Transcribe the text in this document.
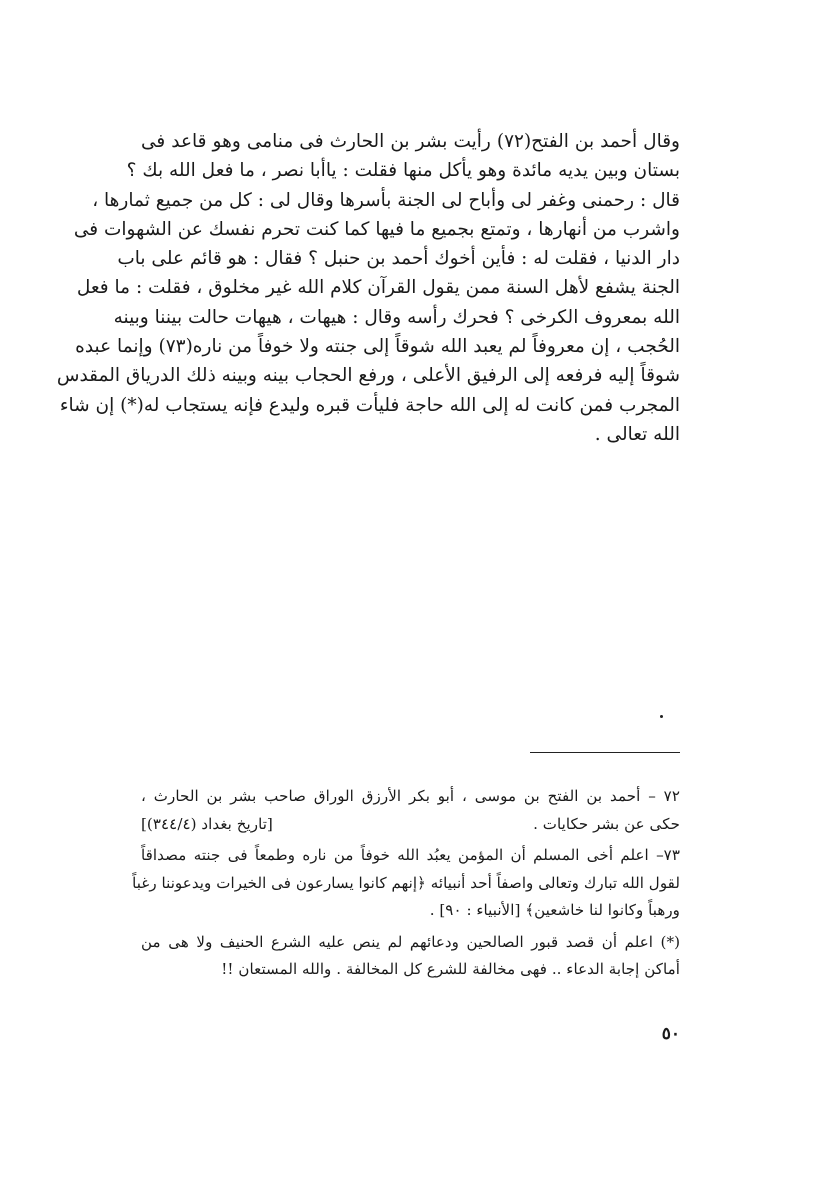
وقال أحمد بن الفتح(٧٢) رأيت بشر بن الحارث فى منامى وهو قاعد فى
بستان وبين يديه مائدة وهو يأكل منها فقلت : ياأبا نصر ، ما فعل الله بك ؟
قال : رحمنى وغفر لى وأباح لى الجنة بأسرها وقال لى : كل من جميع ثمارها ،
واشرب من أنهارها ، وتمتع بجميع ما فيها كما كنت تحرم نفسك عن الشهوات فى
دار الدنيا ، فقلت له : فأين أخوك أحمد بن حنبل ؟ فقال : هو قائم على باب
الجنة يشفع لأهل السنة ممن يقول القرآن كلام الله غير مخلوق ، فقلت : ما فعل
الله بمعروف الكرخى ؟ فحرك رأسه وقال : هيهات ، هيهات حالت بيننا وبينه
الحُجب ، إن معروفاً لم يعبد الله شوقاً إلى جنته ولا خوفاً من ناره(٧٣) وإنما عبده
شوقاً إليه فرفعه إلى الرفيق الأعلى ، ورفع الحجاب بينه وبينه ذلك الدرياق المقدس
المجرب فمن كانت له إلى الله حاجة فليأت قبره وليدع فإنه يستجاب له(*) إن شاء
الله تعالى .
٧٢ – أحمد بن الفتح بن موسى ، أبو بكر الأرزق الوراق صاحب بشر بن الحارث ،
حكى عن بشر حكايات .
[تاريخ بغداد (٣٤٤/٤)]
٧٣– اعلم أخى المسلم أن المؤمن يعبُد الله خوفاً من ناره وطمعاً فى جنته مصداقاً
لقول الله تبارك وتعالى واصفاً أحد أنبيائه ﴿إنهم كانوا يسارعون فى الخيرات ويدعوننا رغباً
ورهباً وكانوا لنا خاشعين﴾ [الأنبياء : ٩٠] .
(*) اعلم أن قصد قبور الصالحين ودعائهم لم ينص عليه الشرع الحنيف ولا هى من
أماكن إجابة الدعاء .. فهى مخالفة للشرع كل المخالفة . والله المستعان !!
٥٠
